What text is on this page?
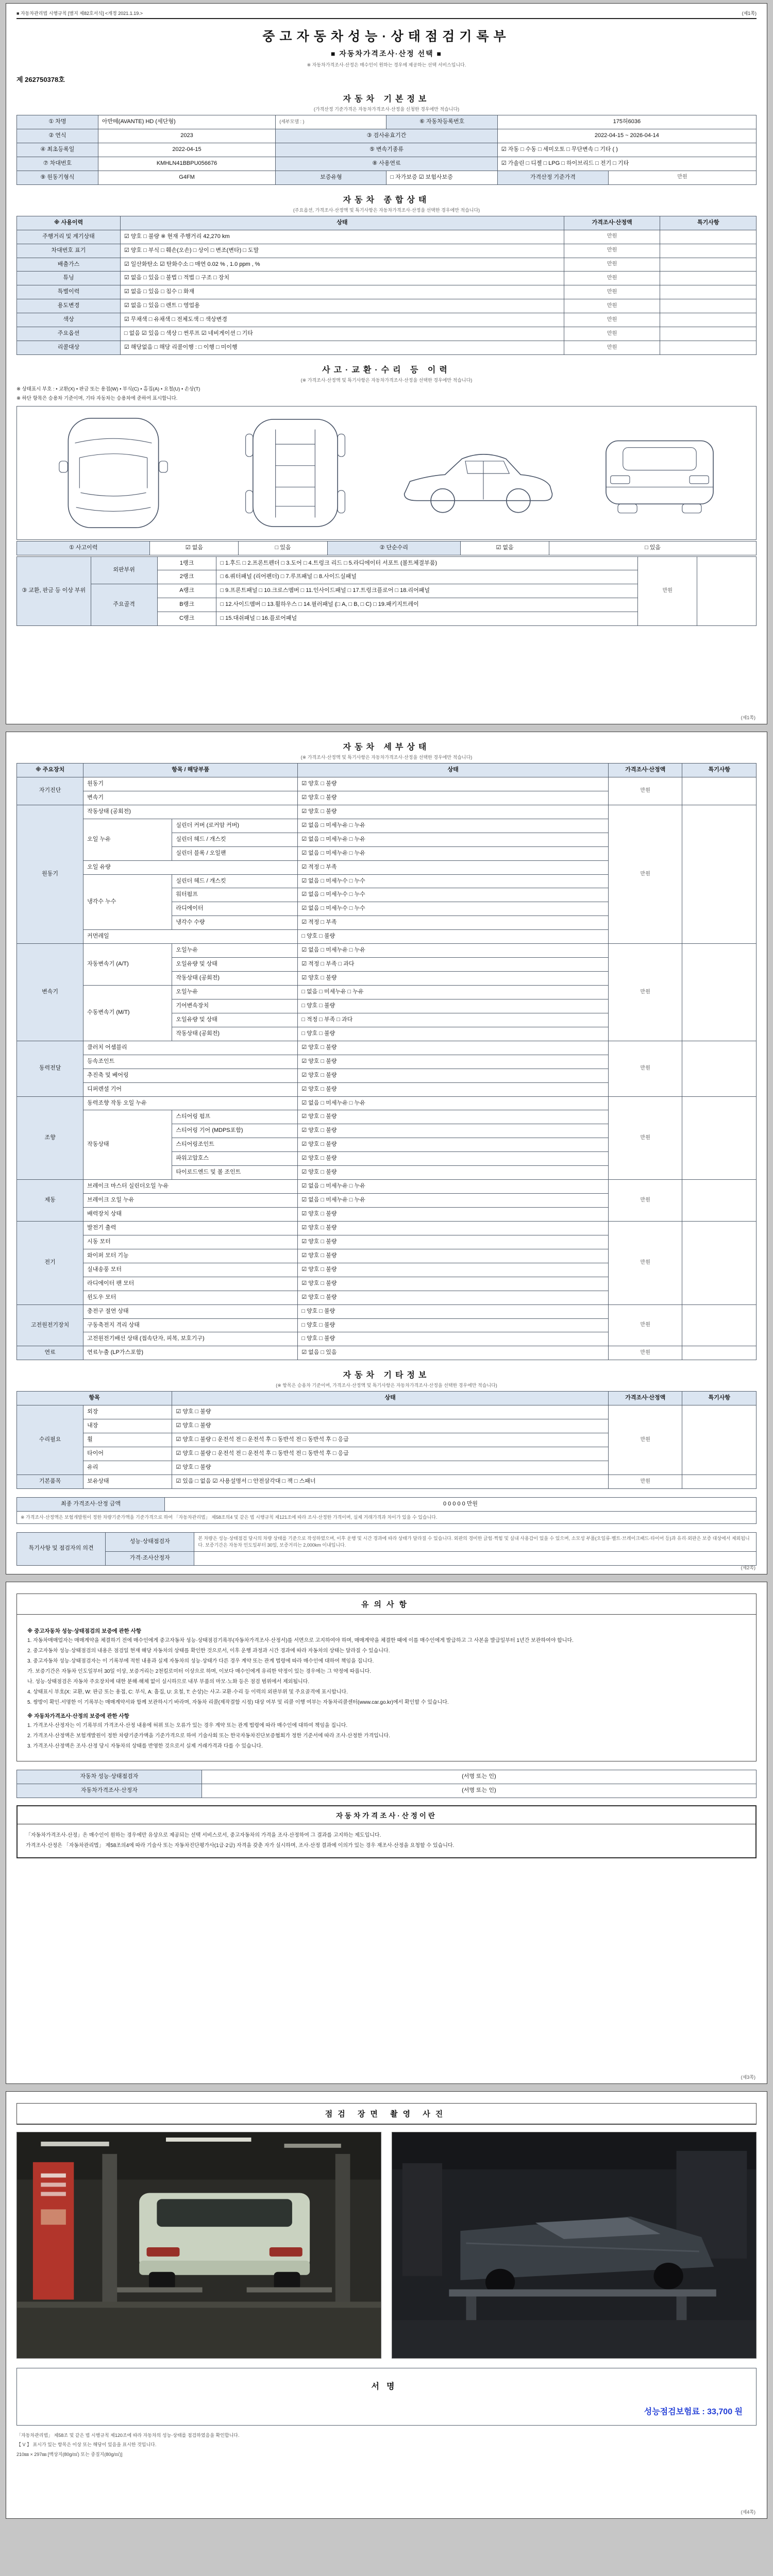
■ 자동차관리법 시행규칙 [별지 제82호서식] <개정 2021.1.19.>	(제1쪽)
중고자동차성능·상태점검기록부
■ 자동차가격조사·산정 선택 ■
※ 자동차가격조사·산정은 매수인이 원하는 경우에 제공하는 선택 서비스입니다.
제 262750378호
자동차 기본정보
(가격산정 기준가격은 자동차가격조사·산정을 신청한 경우에만 적습니다)
① 차명	아반떼(AVANTE) HD (세단형)	(세부모델 : )	⑥ 자동차등록번호	175허6036	
② 연식	2023	③ 검사유효기간		2022-04-15 ~ 2026-04-14	
④ 최초등록일	2022-04-15	⑤ 변속기종류		☑ 자동 □ 수동 □ 세미오토 □ 무단변속 □ 기타 ( )	
⑦ 차대번호	KMHLN41BBPU056676	⑧ 사용연료		☑ 가솔린 □ 디젤 □ LPG □ 하이브리드 □ 전기 □ 기타	
⑨ 원동기형식	G4FM	보증유형	□ 자가보증 ☑ 보험사보증	가격산정 기준가격	만원
자동차 종합상태
(주요옵션, 가격조사·산정액 및 특기사항은 자동차가격조사·산정을 선택한 경우에만 적습니다)
※ 사용이력	상태	가격조사·산정액	특기사항
주행거리 및 계기상태	☑ 양호 □ 불량 ※ 현재 주행거리 42,270 km	만원	
차대번호 표기	☑ 양호 □ 부식 □ 훼손(오손) □ 상이 □ 변조(변타) □ 도말	만원	
배출가스	☑ 일산화탄소 ☑ 탄화수소 □ 매연 0.02 % , 1.0 ppm , %	만원	
튜닝	☑ 없음 □ 있음 □ 불법 □ 적법 □ 구조 □ 장치	만원	
특별이력	☑ 없음 □ 있음 □ 침수 □ 화재	만원	
용도변경	☑ 없음 □ 있음 □ 렌트 □ 영업용	만원	
색상	☑ 무채색 □ 유채색 □ 전체도색 □ 색상변경	만원	
주요옵션	□ 없음 ☑ 있음 □ 색상 □ 썬루프 ☑ 네비게이션 □ 기타	만원	
리콜대상	☑ 해당없음 □ 해당 리콜이행 : □ 이행 □ 미이행	만원	
사고·교환·수리 등 이력
(※ 가격조사·산정액 및 특기사항은 자동차가격조사·산정을 선택한 경우에만 적습니다)
※ 상태표시 부호 : • 교환(X) • 판금 또는 용접(W) • 부식(C) • 흠집(A) • 요철(U) • 손상(T)
※ 하단 항목은 승용차 기준이며, 기타 자동차는 승용차에 준하여 표시합니다.
① 사고이력	☑ 없음	□ 있음	② 단순수리	☑ 없음	□ 있음
③ 교환, 판금 등 이상 부위	외판부위	1랭크	□ 1.후드 □ 2.프론트펜더 □ 3.도어 □ 4.트렁크 리드 □ 5.라디에이터 서포트 (볼트체결부품)	만원	
		2랭크	□ 6.쿼터패널 (리어펜더) □ 7.루프패널 □ 8.사이드실패널		
	주요골격	A랭크	□ 9.프론트패널 □ 10.크로스멤버 □ 11.인사이드패널 □ 17.트렁크플로어 □ 18.리어패널		
		B랭크	□ 12.사이드멤버 □ 13.휠하우스 □ 14.필러패널 (□ A, □ B, □ C) □ 19.패키지트레이		
		C랭크	□ 15.대쉬패널 □ 16.플로어패널		
(제1쪽)
자동차 세부상태
(※ 가격조사·산정액 및 특기사항은 자동차가격조사·산정을 선택한 경우에만 적습니다)
※ 주요장치	항목 / 해당부품		상태	가격조사·산정액	특기사항
자기진단	원동기		☑ 양호 □ 불량	만원	
	변속기		☑ 양호 □ 불량		
원동기	작동상태 (공회전)		☑ 양호 □ 불량	만원	
	오일 누유	실린더 커버 (로커암 커버)	☑ 없음 □ 미세누유 □ 누유		
		실린더 헤드 / 개스킷	☑ 없음 □ 미세누유 □ 누유		
		실린더 블록 / 오일팬	☑ 없음 □ 미세누유 □ 누유		
	오일 유량		☑ 적정 □ 부족		
	냉각수 누수	실린더 헤드 / 개스킷	☑ 없음 □ 미세누수 □ 누수		
		워터펌프	☑ 없음 □ 미세누수 □ 누수		
		라디에이터	☑ 없음 □ 미세누수 □ 누수		
		냉각수 수량	☑ 적정 □ 부족		
	커먼레일		□ 양호 □ 불량		
변속기	자동변속기 (A/T)	오일누유	☑ 없음 □ 미세누유 □ 누유	만원	
		오일유량 및 상태	☑ 적정 □ 부족 □ 과다		
		작동상태 (공회전)	☑ 양호 □ 불량		
	수동변속기 (M/T)	오일누유	□ 없음 □ 미세누유 □ 누유		
		기어변속장치	□ 양호 □ 불량		
		오일유량 및 상태	□ 적정 □ 부족 □ 과다		
		작동상태 (공회전)	□ 양호 □ 불량		
동력전달	클러치 어셈블리		☑ 양호 □ 불량	만원	
	등속조인트		☑ 양호 □ 불량		
	추진축 및 베어링		☑ 양호 □ 불량		
	디퍼렌셜 기어		☑ 양호 □ 불량		
조향	동력조향 작동 오일 누유		☑ 없음 □ 미세누유 □ 누유	만원	
	작동상태	스티어링 펌프	☑ 양호 □ 불량		
		스티어링 기어 (MDPS포함)	☑ 양호 □ 불량		
		스티어링조인트	☑ 양호 □ 불량		
		파워고압호스	☑ 양호 □ 불량		
		타이로드엔드 및 볼 조인트	☑ 양호 □ 불량		
제동	브레이크 마스터 실린더오일 누유		☑ 없음 □ 미세누유 □ 누유	만원	
	브레이크 오일 누유		☑ 없음 □ 미세누유 □ 누유		
	배력장치 상태		☑ 양호 □ 불량		
전기	발전기 출력		☑ 양호 □ 불량	만원	
	시동 모터		☑ 양호 □ 불량		
	와이퍼 모터 기능		☑ 양호 □ 불량		
	실내송풍 모터		☑ 양호 □ 불량		
	라디에이터 팬 모터		☑ 양호 □ 불량		
	윈도우 모터		☑ 양호 □ 불량		
고전원전기장치	충전구 절연 상태		□ 양호 □ 불량	만원	
	구동축전지 격리 상태		□ 양호 □ 불량		
	고전원전기배선 상태 (접속단자, 피복, 보호기구)		□ 양호 □ 불량		
연료	연료누출 (LP가스포함)		☑ 없음 □ 있음	만원	
자동차 기타정보
(※ 항목은 승용차 기준이며, 가격조사·산정액 및 특기사항은 자동차가격조사·산정을 선택한 경우에만 적습니다)
항목		상태	가격조사·산정액	특기사항
수리필요	외장	☑ 양호 □ 불량	만원	
	내장	☑ 양호 □ 불량		
	휠	☑ 양호 □ 불량 □ 운전석 전 □ 운전석 후 □ 동반석 전 □ 동반석 후 □ 응급		
	타이어	☑ 양호 □ 불량 □ 운전석 전 □ 운전석 후 □ 동반석 전 □ 동반석 후 □ 응급		
	유리	☑ 양호 □ 불량		
기본품목	보유상태	☑ 있음 □ 없음 ☑ 사용설명서 □ 안전삼각대 □ 잭 □ 스패너	만원	
최종 가격조사·산정 금액	0 0 0 0 0 만원
※ 가격조사·산정액은 보험개발원이 정한 차량기준가액을 기준가격으로 하여 「자동차관리법」 제58조의4 및 같은 법 시행규칙 제121조에 따라 조사·산정한 가격이며, 실제 거래가격과 차이가 있을 수 있습니다.
특기사항 및 점검자의 의견	성능·상태점검자	본 차량은 성능·상태점검 당시의 차량 상태를 기준으로 작성하였으며, 이후 운행 및 시간 경과에 따라 상태가 달라질 수 있습니다. 외판의 경미한 긁힘·찍힘 및 실내 사용감이 있을 수 있으며, 소모성 부품(오일류·벨트·브레이크패드·타이어 등)과 유리·외판은 보증 대상에서 제외됩니다. 보증기간은 자동차 인도일부터 30일, 보증거리는 2,000km 이내입니다.
	가격·조사산정자	
(제2쪽)
유의사항

※ 중고자동차 성능·상태점검의 보증에 관한 사항

1. 자동차매매업자는 매매계약을 체결하기 전에 매수인에게 중고자동차 성능·상태점검기록부(자동차가격조사·산정서)를 서면으로 고지하여야 하며, 매매계약을 체결한 때에 이를 매수인에게 발급하고 그 사본을 발급일부터 1년간 보관하여야 합니다.

2. 중고자동차 성능·상태점검의 내용은 점검일 현재 해당 자동차의 상태를 확인한 것으로서, 이후 운행 과정과 시간 경과에 따라 자동차의 상태는 달라질 수 있습니다.

3. 중고자동차 성능·상태점검자는 이 기록부에 적힌 내용과 실제 자동차의 성능·상태가 다른 경우 계약 또는 관계 법령에 따라 매수인에 대하여 책임을 집니다.

가. 보증기간은 자동차 인도일부터 30일 이상, 보증거리는 2천킬로미터 이상으로 하며, 이보다 매수인에게 유리한 약정이 있는 경우에는 그 약정에 따릅니다.

나. 성능·상태점검은 자동차 주요장치에 대한 분해·해체 없이 실시하므로 내부 부품의 마모·노화 등은 점검 범위에서 제외됩니다.

4. 상태표시 부호(X: 교환, W: 판금 또는 용접, C: 부식, A: 흠집, U: 요철, T: 손상)는 사고·교환·수리 등 이력의 외판부위 및 주요골격에 표시합니다.

5. 쌍방이 확인·서명한 이 기록부는 매매계약서와 함께 보관하시기 바라며, 자동차 리콜(제작결함 시정) 대상 여부 및 리콜 이행 여부는 자동차리콜센터(www.car.go.kr)에서 확인할 수 있습니다.

※ 자동차가격조사·산정의 보증에 관한 사항

1. 가격조사·산정자는 이 기록부의 가격조사·산정 내용에 허위 또는 오류가 있는 경우 계약 또는 관계 법령에 따라 매수인에 대하여 책임을 집니다.

2. 가격조사·산정액은 보험개발원이 정한 차량기준가액을 기준가격으로 하여 기술사회 또는 한국자동차진단보증협회가 정한 기준서에 따라 조사·산정한 가격입니다.

3. 가격조사·산정액은 조사·산정 당시 자동차의 상태를 반영한 것으로서 실제 거래가격과 다를 수 있습니다.

자동차 성능·상태점검자	(서명 또는 인)
자동차가격조사·산정자	(서명 또는 인)
자동차가격조사·산정이란

「자동차가격조사·산정」은 매수인이 원하는 경우에만 유상으로 제공되는 선택 서비스로서, 중고자동차의 가격을 조사·산정하여 그 결과를 고지하는 제도입니다.

가격조사·산정은 「자동차관리법」 제58조의4에 따라 기술사 또는 자동차진단평가사(1급·2급) 자격을 갖춘 자가 실시하며, 조사·산정 결과에 이의가 있는 경우 재조사·산정을 요청할 수 있습니다.

(제3쪽)
점검 장면 촬영 사진
서명
성능점검보험료 : 33,700 원

「자동차관리법」 제58조 및 같은 법 시행규칙 제120조에 따라 자동차의 성능·상태를 점검하였음을 확인합니다.

【 V 】 표시가 있는 항목은 이상 또는 해당이 있음을 표시한 것입니다.

210㎜ × 297㎜ [백상지(80g/㎡) 또는 중질지(80g/㎡)]

(제4쪽)
